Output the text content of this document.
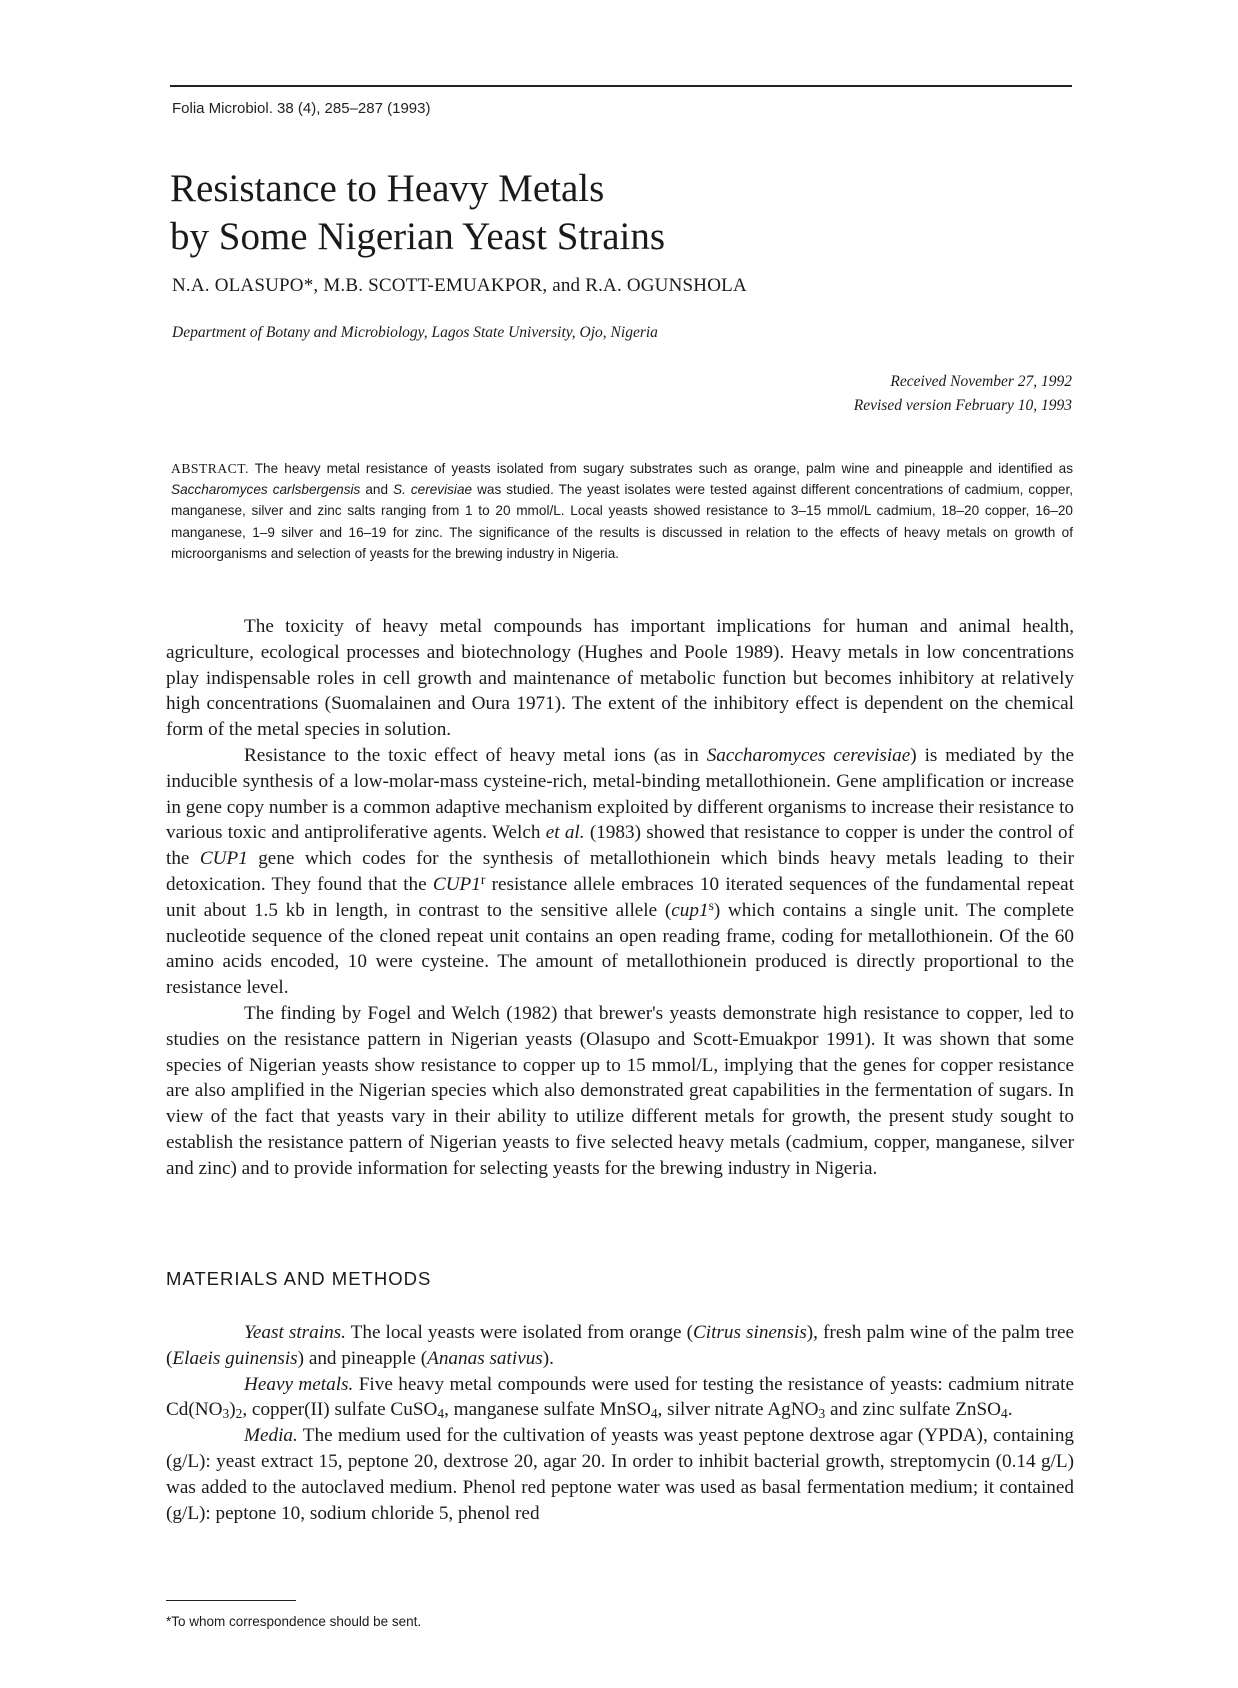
Folia Microbiol. 38 (4), 285–287 (1993)
Resistance to Heavy Metals
by Some Nigerian Yeast Strains
N.A. OLASUPO*, M.B. SCOTT-EMUAKPOR, and R.A. OGUNSHOLA
Department of Botany and Microbiology, Lagos State University, Ojo, Nigeria
Received November 27, 1992
Revised version February 10, 1993

ABSTRACT. The heavy metal resistance of yeasts isolated from sugary substrates such as orange, palm wine and pineapple and identified as Saccharomyces carlsbergensis and S. cerevisiae was studied. The yeast isolates were tested against different concentrations of cadmium, copper, manganese, silver and zinc salts ranging from 1 to 20 mmol/L. Local yeasts showed resistance to 3–15 mmol/L cadmium, 18–20 copper, 16–20 manganese, 1–9 silver and 16–19 for zinc. The significance of the results is discussed in relation to the effects of heavy metals on growth of microorganisms and selection of yeasts for the brewing industry in Nigeria.

The toxicity of heavy metal compounds has important implications for human and animal health, agriculture, ecological processes and biotechnology (Hughes and Poole 1989). Heavy metals in low concentrations play indispensable roles in cell growth and maintenance of metabolic function but becomes inhibitory at relatively high concentrations (Suomalainen and Oura 1971). The extent of the inhibitory effect is dependent on the chemical form of the metal species in solution.

Resistance to the toxic effect of heavy metal ions (as in Saccharomyces cerevisiae) is mediated by the inducible synthesis of a low-molar-mass cysteine-rich, metal-binding metallothionein. Gene amplification or increase in gene copy number is a common adaptive mechanism exploited by different organisms to increase their resistance to various toxic and antiproliferative agents. Welch et al. (1983) showed that resistance to copper is under the control of the CUP1 gene which codes for the synthesis of metallothionein which binds heavy metals leading to their detoxication. They found that the CUP1$^r$ resistance allele embraces 10 iterated sequences of the fundamental repeat unit about 1.5 kb in length, in contrast to the sensitive allele (cup1$^s$) which contains a single unit. The complete nucleotide sequence of the cloned repeat unit contains an open reading frame, coding for metallothionein. Of the 60 amino acids encoded, 10 were cysteine. The amount of metallothionein produced is directly proportional to the resistance level.

The finding by Fogel and Welch (1982) that brewer's yeasts demonstrate high resistance to copper, led to studies on the resistance pattern in Nigerian yeasts (Olasupo and Scott-Emuakpor 1991). It was shown that some species of Nigerian yeasts show resistance to copper up to 15 mmol/L, implying that the genes for copper resistance are also amplified in the Nigerian species which also demonstrated great capabilities in the fermentation of sugars. In view of the fact that yeasts vary in their ability to utilize different metals for growth, the present study sought to establish the resistance pattern of Nigerian yeasts to five selected heavy metals (cadmium, copper, manganese, silver and zinc) and to provide information for selecting yeasts for the brewing industry in Nigeria.

MATERIALS AND METHODS

Yeast strains. The local yeasts were isolated from orange (Citrus sinensis), fresh palm wine of the palm tree (Elaeis guinensis) and pineapple (Ananas sativus).

Heavy metals. Five heavy metal compounds were used for testing the resistance of yeasts: cadmium nitrate $Cd(NO_3)_2$, copper(II) sulfate CuSO$_4$, manganese sulfate MnSO$_4$, silver nitrate AgNO$_3$ and zinc sulfate ZnSO$_4$.

Media. The medium used for the cultivation of yeasts was yeast peptone dextrose agar (YPDA), containing (g/L): yeast extract 15, peptone 20, dextrose 20, agar 20. In order to inhibit bacterial growth, streptomycin (0.14 g/L) was added to the autoclaved medium. Phenol red peptone water was used as basal fermentation medium; it contained (g/L): peptone 10, sodium chloride 5, phenol red

*To whom correspondence should be sent.
